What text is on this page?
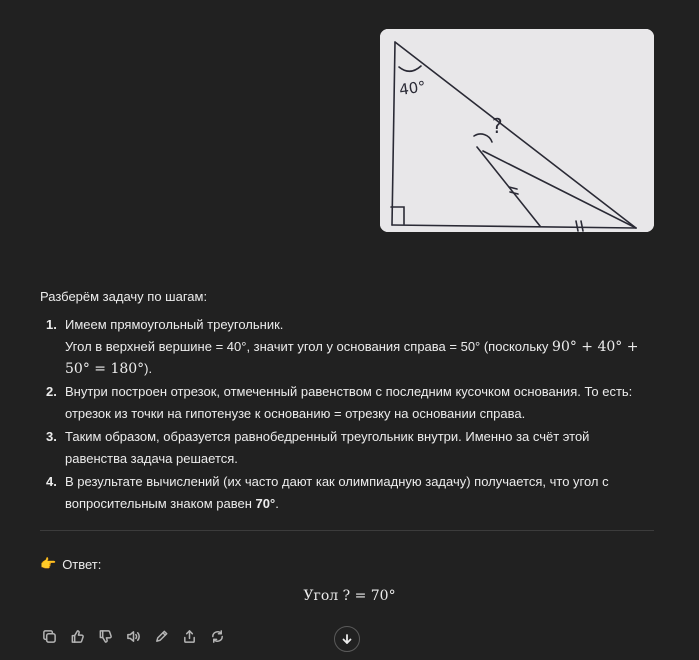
40°
?

Разберём задачу по шагам:

1. Имеем прямоугольный треугольник.
Угол в верхней вершине = 40°, значит угол у основания справа = 50° (поскольку 90° + 40° + 50° = 180°).
2. Внутри построен отрезок, отмеченный равенством с последним кусочком основания. То есть: отрезок из точки на гипотенузе к основанию = отрезку на основании справа.
3. Таким образом, образуется равнобедренный треугольник внутри. Именно за счёт этой равенства задача решается.
4. В результате вычислений (их часто дают как олимпиадную задачу) получается, что угол с вопросительным знаком равен 70°.
👉 Ответ:
Угол ? = 70°
